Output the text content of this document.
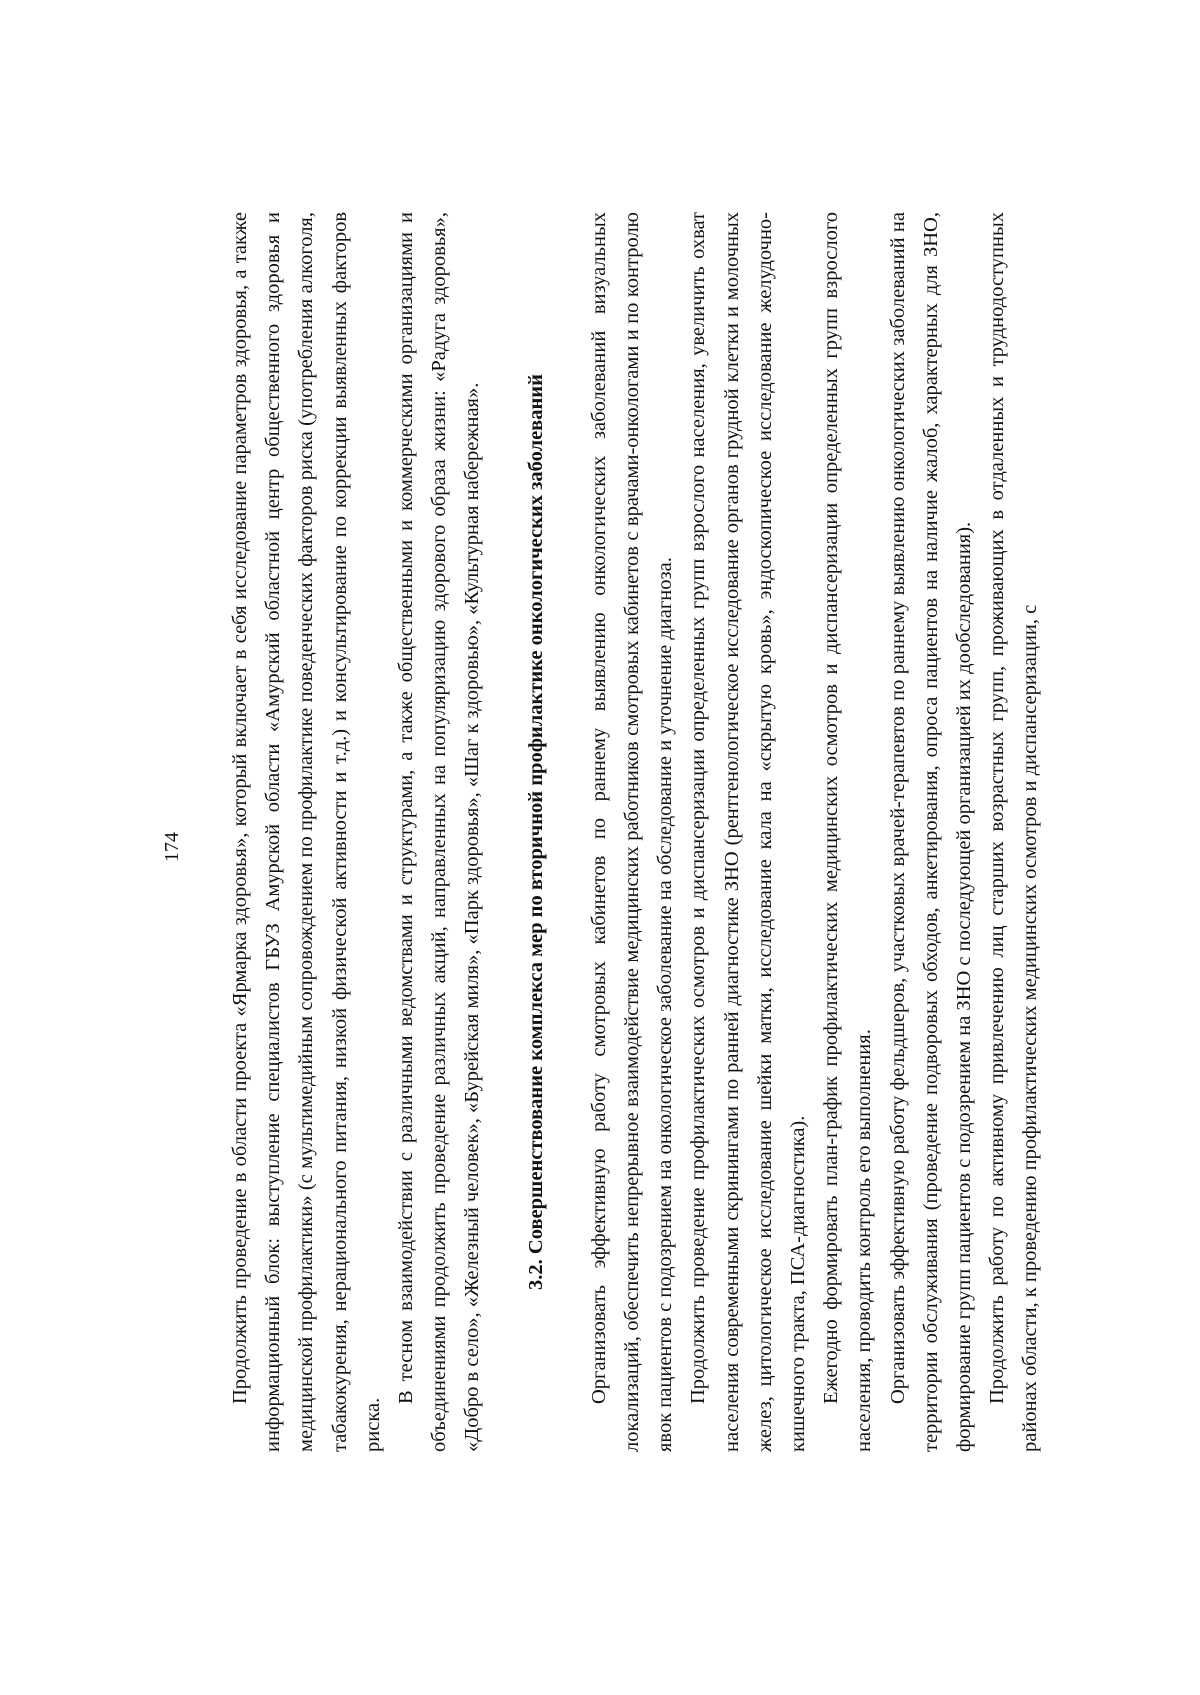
174	Продолжить проведение в области проекта «Ярмарка здоровья», который включает в себя исследование параметров здоровья, а также информационный блок: выступление специалистов ГБУЗ Амурской области «Амурский областной центр общественного здоровья и медицинской профилактики» (с мультимедийным сопровождением по профилактике поведенческих факторов риска (употребления алкоголя, табакокурения, нерационального питания, низкой физической активности и т.д.) и консультирование по коррекции выявленных факторов риска.

В тесном взаимодействии с различными ведомствами и структурами, а также общественными и коммерческими организациями и объединениями продолжить проведение различных акций, направленных на популяризацию здорового образа жизни: «Радуга здоровья», «Добро в село», «Железный человек», «Бурейская миля», «Парк здоровья», «Шаг к здоровью», «Культурная набережная».	3.2. Совершенствование комплекса мер по вторичной профилактике онкологических заболеваний	Организовать эффективную работу смотровых кабинетов по раннему выявлению онкологических заболеваний визуальных локализаций, обеспечить непрерывное взаимодействие медицинских работников смотровых кабинетов с врачами-онкологами и по контролю явок пациентов с подозрением на онкологическое заболевание на обследование и уточнение диагноза. Продолжить проведение профилактических осмотров и диспансеризации определенных групп взрослого населения, увеличить охват населения современными скринингами по ранней диагностике ЗНО (рентгенологическое исследование органов грудной клетки и молочных желез, цитологическое исследование шейки матки, исследование кала на «скрытую кровь», эндоскопическое исследование желудочно-кишечного тракта, ПСА-диагностика). Ежегодно формировать план-график профилактических медицинских осмотров и диспансеризации определенных групп взрослого населения, проводить контроль его выполнения. Организовать эффективную работу фельдшеров, участковых врачей-терапевтов по раннему выявлению онкологических заболеваний на территории обслуживания (проведение подворовых обходов, анкетирования, опроса пациентов на наличие жалоб, характерных для ЗНО, формирование групп пациентов с подозрением на ЗНО с последующей организацией их дообследования). Продолжить работу по активному привлечению лиц старших возрастных групп, проживающих в отдаленных и труднодоступных районах области, к проведению профилактических медицинских осмотров и диспансеризации, с
